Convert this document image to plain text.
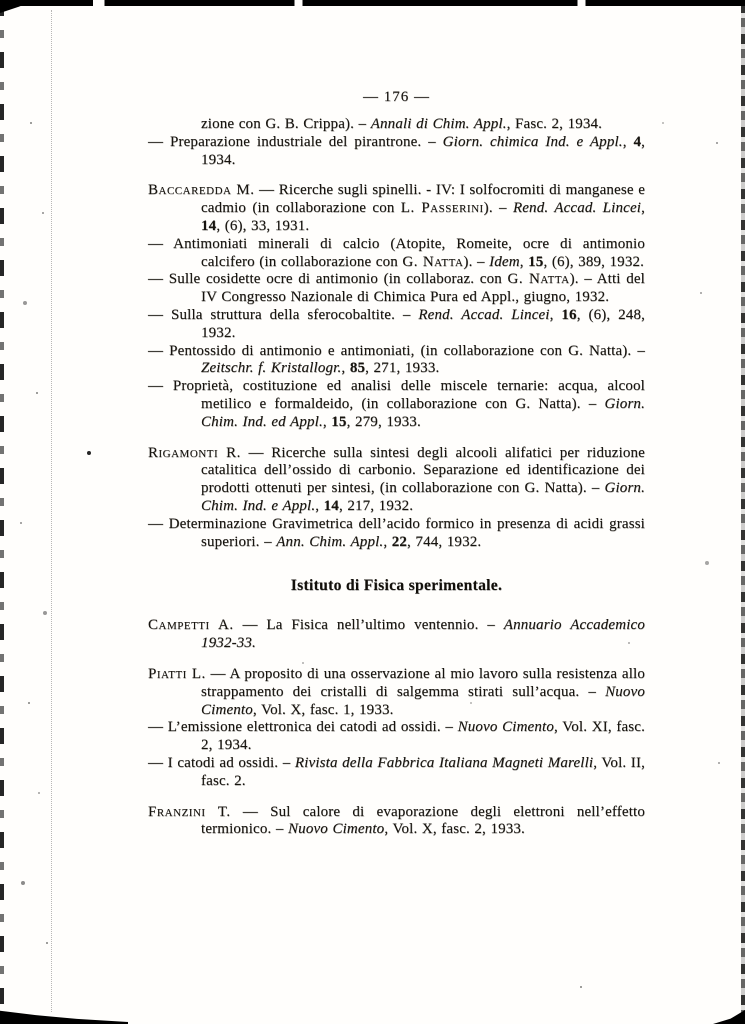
— 176 —

zione con G. B. Crippa). – Annali di Chim. Appl., Fasc. 2, 1934.

— Preparazione industriale del pirantrone. – Giorn. chimica Ind. e Appl., 4, 1934.

Baccaredda M. — Ricerche sugli spinelli. - IV: I solfocromiti di manganese e cadmio (in collaborazione con L. Passerini). – Rend. Accad. Lincei, 14, (6), 33, 1931.

— Antimoniati minerali di calcio (Atopite, Romeite, ocre di antimonio calcifero (in collaborazione con G. Natta). – Idem, 15, (6), 389, 1932.

— Sulle cosidette ocre di antimonio (in collaboraz. con G. Natta). – Atti del IV Congresso Nazionale di Chimica Pura ed Appl., giugno, 1932.

— Sulla struttura della sferocobaltite. – Rend. Accad. Lincei, 16, (6), 248, 1932.

— Pentossido di antimonio e antimoniati, (in collaborazione con G. Natta). – Zeitschr. f. Kristallogr., 85, 271, 1933.

— Proprietà, costituzione ed analisi delle miscele ternarie: acqua, alcool metilico e formaldeido, (in collaborazione con G. Natta). – Giorn. Chim. Ind. ed Appl., 15, 279, 1933.

Rigamonti R. — Ricerche sulla sintesi degli alcooli alifatici per riduzione catalitica dell’ossido di carbonio. Separazione ed identificazione dei prodotti ottenuti per sintesi, (in collaborazione con G. Natta). – Giorn. Chim. Ind. e Appl., 14, 217, 1932.

— Determinazione Gravimetrica dell’acido formico in presenza di acidi grassi superiori. – Ann. Chim. Appl., 22, 744, 1932.

Istituto di Fisica sperimentale.

Campetti A. — La Fisica nell’ultimo ventennio. – Annuario Accademico 1932-33.

Piatti L. — A proposito di una osservazione al mio lavoro sulla resistenza allo strappamento dei cristalli di salgemma stirati sull’acqua. – Nuovo Cimento, Vol. X, fasc. 1, 1933.

— L’emissione elettronica dei catodi ad ossidi. – Nuovo Cimento, Vol. XI, fasc. 2, 1934.

— I catodi ad ossidi. – Rivista della Fabbrica Italiana Magneti Marelli, Vol. II, fasc. 2.

Franzini T. — Sul calore di evaporazione degli elettroni nell’effetto termionico. – Nuovo Cimento, Vol. X, fasc. 2, 1933.
